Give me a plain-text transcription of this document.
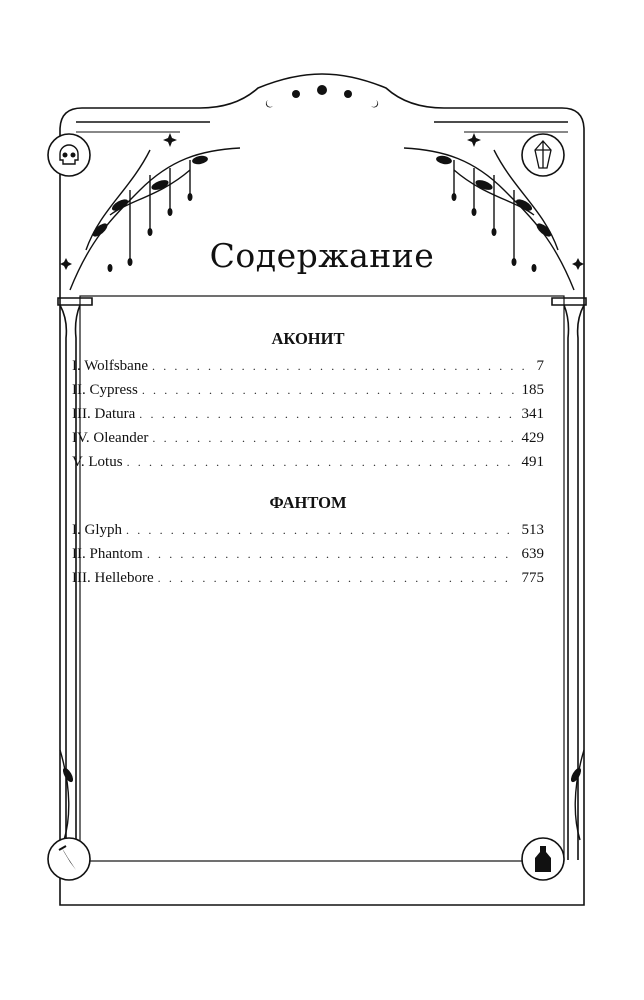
Содержание
АКОНИТ
I. Wolfsbane . . .	7
II. Cypress . . .	185
III. Datura . . .	341
IV. Oleander . . .	429
V. Lotus . . .	491
ФАНТОМ
I. Glyph . . .	513
II. Phantom . . .	639
III. Hellebore . . .	775
